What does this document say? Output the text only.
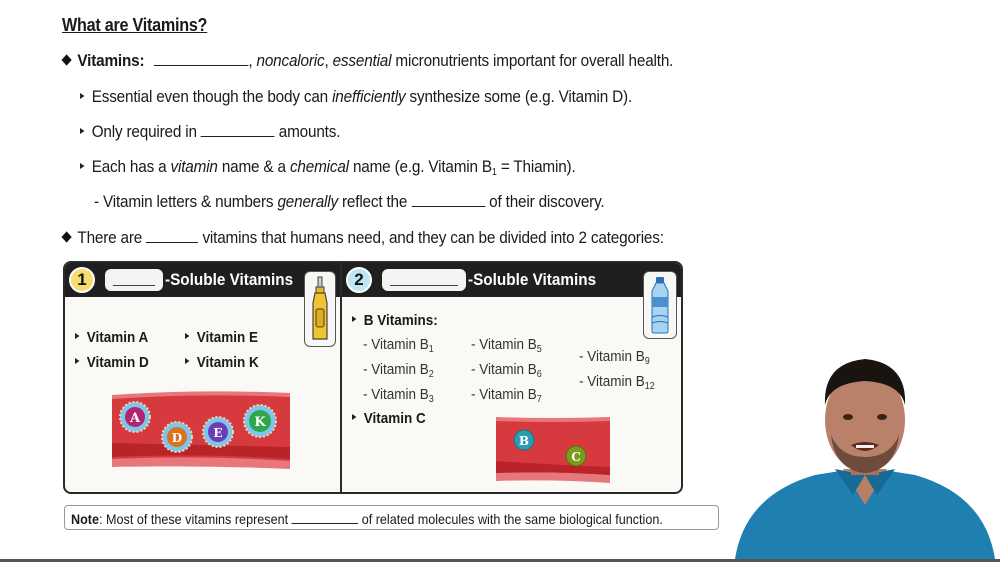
What are Vitamins?
Vitamins:	, noncaloric, essential micronutrients important for overall health.
Essential even though the body can inefficiently synthesize some (e.g. Vitamin D).
Only required in	amounts.
Each has a vitamin name & a chemical name (e.g. Vitamin $B_1$ = Thiamin).
- Vitamin letters & numbers generally reflect the	of their discovery.
There are	vitamins that humans need, and they can be divided into 2 categories:
1	-Soluble Vitamins
Vitamin A
Vitamin D
Vitamin E
Vitamin K
A
D	E
K
2	-Soluble Vitamins
B Vitamins:
- Vitamin $B_1$
- Vitamin $B_2$
- Vitamin $B_3$
- Vitamin $B_5$
- Vitamin $B_6$
- Vitamin $B_7$
- Vitamin $B_9$
- Vitamin $B_{12}$
Vitamin C
B
C
Note: Most of these vitamins represent	of related molecules with the same biological function.
